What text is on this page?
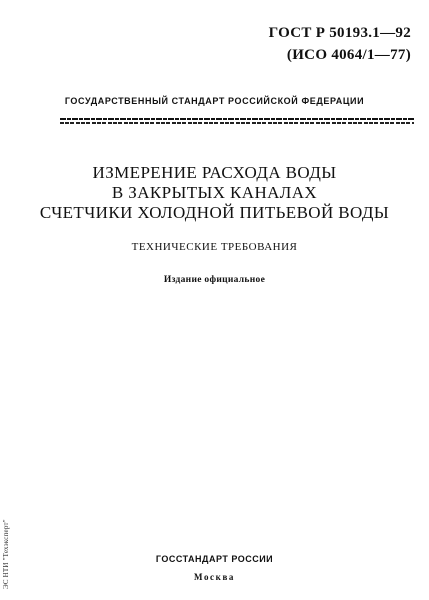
ГОСТ Р 50193.1—92
(ИСО 4064/1—77)
ГОСУДАРСТВЕННЫЙ СТАНДАРТ РОССИЙСКОЙ ФЕДЕРАЦИИ
ИЗМЕРЕНИЕ РАСХОДА ВОДЫ
В ЗАКРЫТЫХ КАНАЛАХ
СЧЕТЧИКИ ХОЛОДНОЙ ПИТЬЕВОЙ ВОДЫ
ТЕХНИЧЕСКИЕ ТРЕБОВАНИЯ
Издание официальное
ЭС НТИ "Техэксперт"	ГОССТАНДАРТ РОССИИ
Москва
